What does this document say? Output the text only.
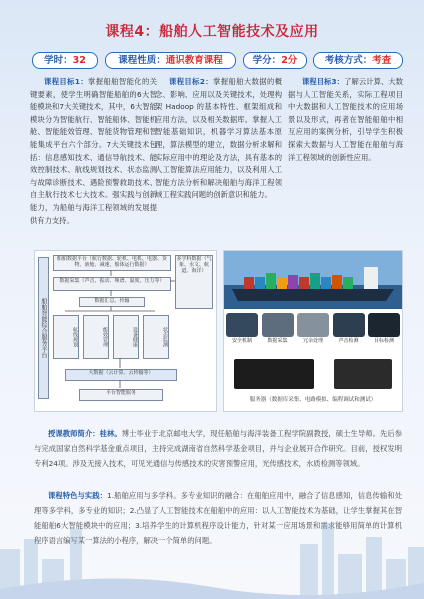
课程4：船舶人工智能技术及应用
学时：32	课程性质：通识教育课程	学分：2分	考核方式：考查
课程目标1：掌握船舶智能化的关键要素，使学生明确智能船舶的6大智能模块和7大关键技术，其中，6大智能模块分为智能航行、智能船体、智能机舱、智能能效管理、智能货物管理和智能集成平台六个部分。7大关键技术包括：信息感知技术、通信导航技术、能效控制技术、航线规划技术、状态监测与故障诊断技术、遇险预警救助技术、自主航行技术七大技术。强实践与创新能力，为船舶与海洋工程领域的发展提供有力支持。
课程目标2：掌握船舶大数据的概念、影响、应用以及关键技术，处理构架 Hadoop 的基本特性、框架组成和应用方法，以及相关数据库。掌握人工智能基础知识，机器学习算法基本原理，算法模型的建立，数据分析求解和实际应用中的理论及方法，具有基本的人工智能算法应用能力，以及利用人工智能方法分析和解决船舶与海洋工程领域工程实践问题的创新意识和能力。
课程目标3：了解云计算、大数据与人工智能关系，实际工程项目中大数据和人工智能技术的应用场景以及形式，再者在智能船舶中相互应用的案例分析，引导学生积极探索大数据与人工智能在船舶与海洋工程领域的创新性应用。
船舶智能综合服务平台
船舶数据平台（航行数据、轮机、电机、电器、货物、液舱、减速、船体运行数据）
多学科数据（气象、水文、航道、海洋）
数据采集（声音、振动、频谱、温度、压力等）
数据汇总、传输
航线规划	能效管理	设备健康	状态监测
大数据（云计算、云传输等）
平台智能服务
安全机制	数据采集	冗余处理	声音检测	目标检测
服务器（数据库采集、电路模拟、编程调试和测试）
授课教师简介：桂林。博士毕业于北京邮电大学，现任船舶与海洋装备工程学院副教授，硕士生导师。先后参与完成国家自然科学基金重点项目，主持完成湖南省自然科学基金项目，并与企业展开合作研究。目前，授权发明专利24项。涉及无接入技术，可见光通信与传感技术的灾害预警应用，光传感技术，水质检测等领域。
课程特色与实践：1.船舶应用与多学科。多专业知识的融合：在船舶应用中，融合了信息感知，信息传输和处理等多学科，多专业的知识；2.凸显了人工智能技术在船舶中的应用：以人工智能技术为基础，让学生掌握其在智能船舶6大智能模块中的应用；3.培养学生的计算机程序设计能力，针对某一应用场景和需求能够用简单的计算机程序语言编写某一算法的小程序，解决一个简单的问题。
